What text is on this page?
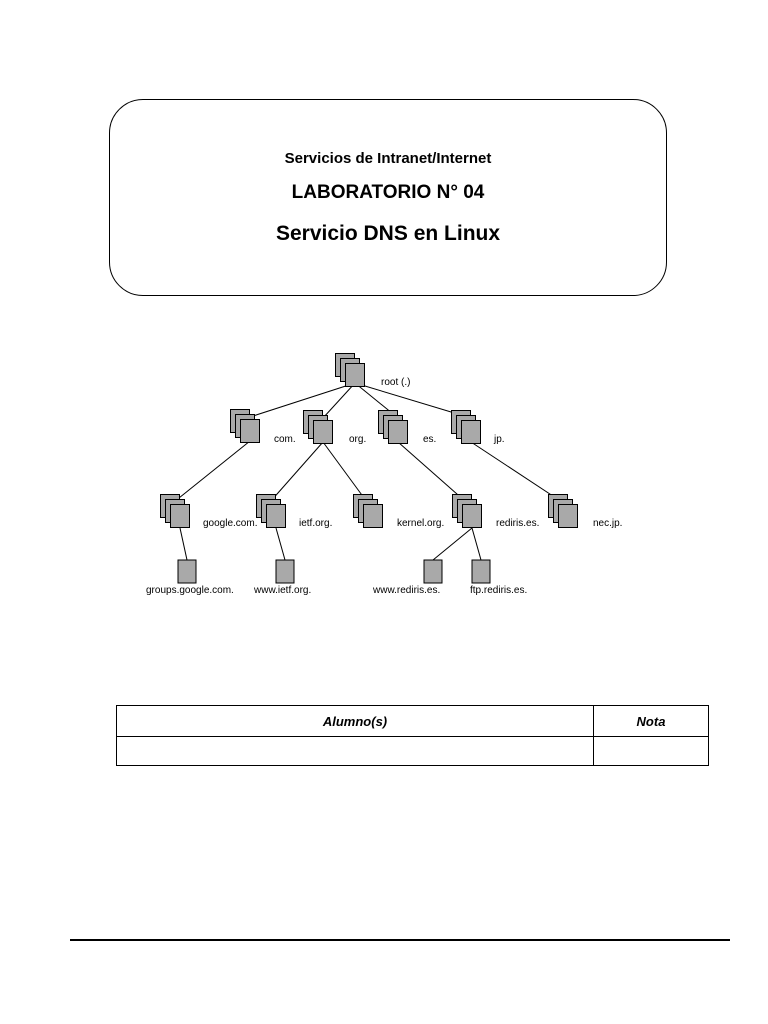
Servicios de Intranet/Internet
LABORATORIO N° 04
Servicio DNS en Linux
root (.)
com.	org.	es.	jp.
google.com.	ietf.org.	kernel.org.	rediris.es.	nec.jp.
groups.google.com. www.ietf.org.	www.rediris.es.	ftp.rediris.es.
Alumno(s)	Nota
